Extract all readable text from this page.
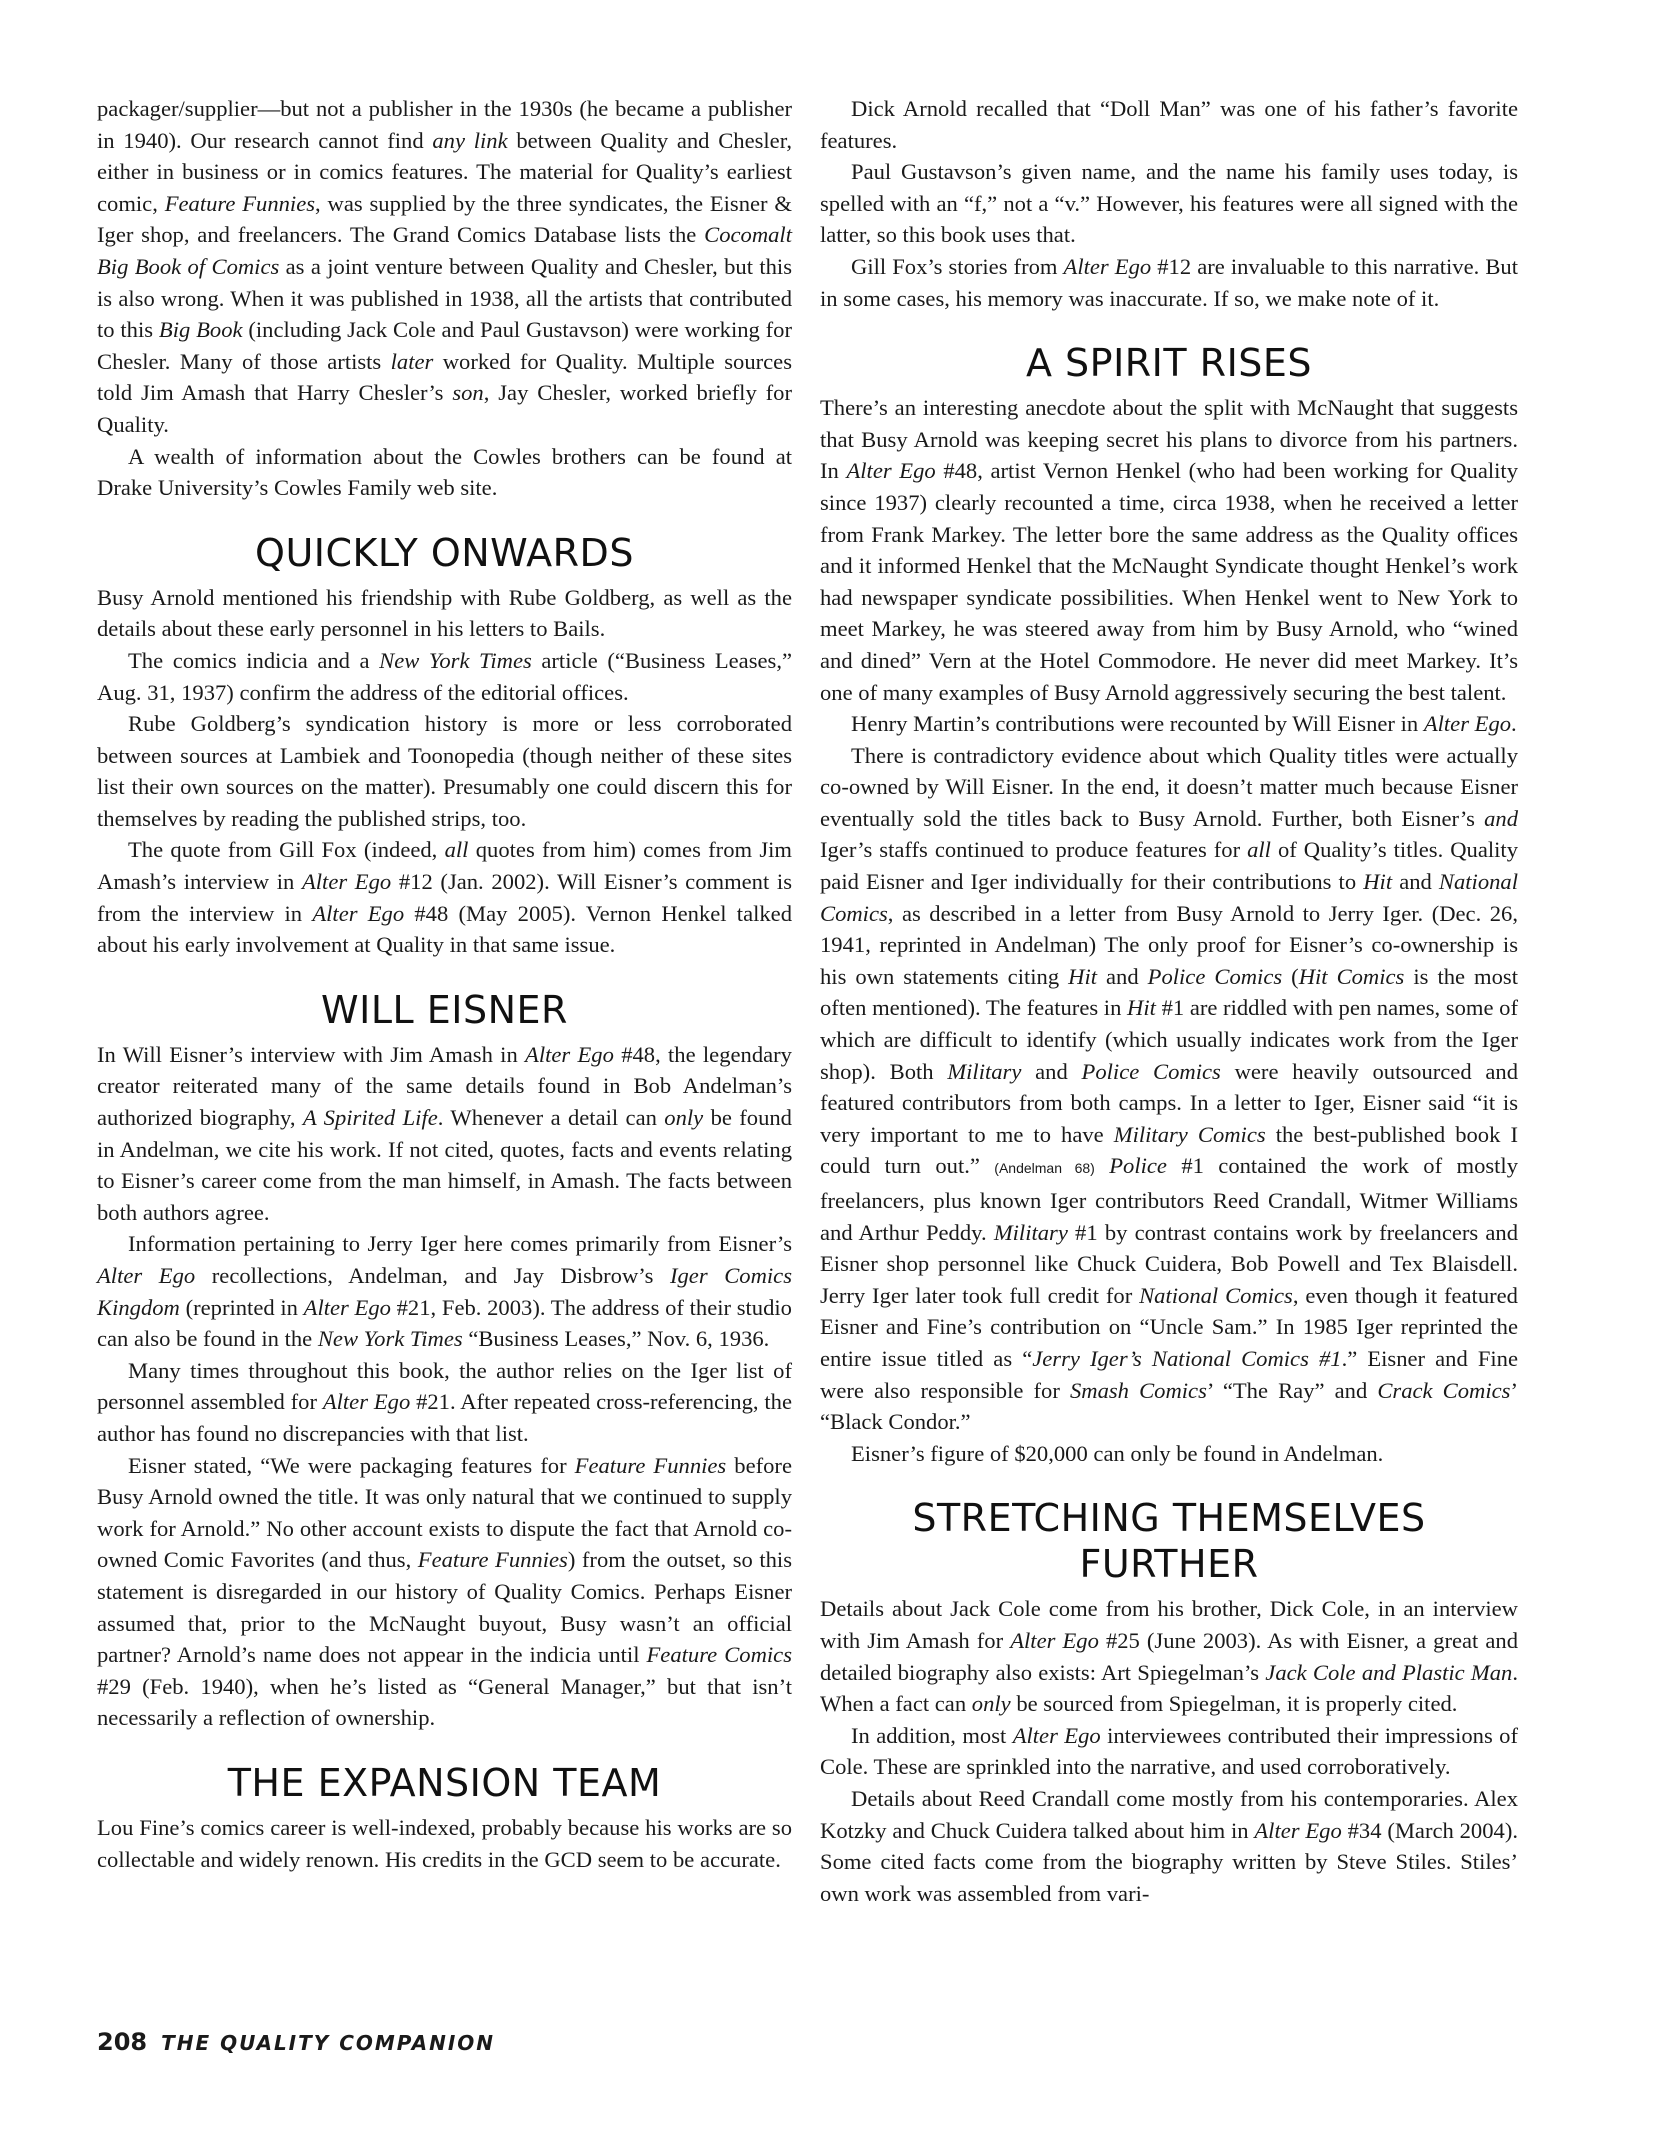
packager/supplier—but not a publisher in the 1930s (he became a publisher in 1940). Our research cannot find any link between Quality and Chesler, either in business or in comics features. The material for Quality’s earliest comic, Feature Funnies, was supplied by the three syndicates, the Eisner & Iger shop, and freelancers. The Grand Comics Database lists the Cocomalt Big Book of Comics as a joint venture between Quality and Chesler, but this is also wrong. When it was published in 1938, all the artists that contributed to this Big Book (including Jack Cole and Paul Gustavson) were working for Chesler. Many of those artists later worked for Quality. Multiple sources told Jim Amash that Harry Chesler’s son, Jay Chesler, worked briefly for Quality.

A wealth of information about the Cowles brothers can be found at Drake University’s Cowles Family web site.

QUICKLY ONWARDS

Busy Arnold mentioned his friendship with Rube Goldberg, as well as the details about these early personnel in his letters to Bails.

The comics indicia and a New York Times article (“Business Leases,” Aug. 31, 1937) confirm the address of the editorial offices.

Rube Goldberg’s syndication history is more or less corroborated between sources at Lambiek and Toonopedia (though neither of these sites list their own sources on the matter). Presumably one could discern this for themselves by reading the published strips, too.

The quote from Gill Fox (indeed, all quotes from him) comes from Jim Amash’s interview in Alter Ego #12 (Jan. 2002). Will Eisner’s comment is from the interview in Alter Ego #48 (May 2005). Vernon Henkel talked about his early involvement at Quality in that same issue.

WILL EISNER

In Will Eisner’s interview with Jim Amash in Alter Ego #48, the legendary creator reiterated many of the same details found in Bob Andelman’s authorized biography, A Spirited Life. Whenever a detail can only be found in Andelman, we cite his work. If not cited, quotes, facts and events relating to Eisner’s career come from the man himself, in Amash. The facts between both authors agree.

Information pertaining to Jerry Iger here comes primarily from Eisner’s Alter Ego recollections, Andelman, and Jay Disbrow’s Iger Comics Kingdom (reprinted in Alter Ego #21, Feb. 2003). The address of their studio can also be found in the New York Times “Business Leases,” Nov. 6, 1936.

Many times throughout this book, the author relies on the Iger list of personnel assembled for Alter Ego #21. After repeated cross-referencing, the author has found no discrepancies with that list.

Eisner stated, “We were packaging features for Feature Funnies before Busy Arnold owned the title. It was only natural that we continued to supply work for Arnold.” No other account exists to dispute the fact that Arnold co-owned Comic Favorites (and thus, Feature Funnies) from the outset, so this statement is disregarded in our history of Quality Comics. Perhaps Eisner assumed that, prior to the McNaught buyout, Busy wasn’t an official partner? Arnold’s name does not appear in the indicia until Feature Comics #29 (Feb. 1940), when he’s listed as “General Manager,” but that isn’t necessarily a reflection of ownership.

THE EXPANSION TEAM

Lou Fine’s comics career is well-indexed, probably because his works are so collectable and widely renown. His credits in the GCD seem to be accurate.

Dick Arnold recalled that “Doll Man” was one of his father’s favorite features.

Paul Gustavson’s given name, and the name his family uses today, is spelled with an “f,” not a “v.” However, his features were all signed with the latter, so this book uses that.

Gill Fox’s stories from Alter Ego #12 are invaluable to this narrative. But in some cases, his memory was inaccurate. If so, we make note of it.

A SPIRIT RISES

There’s an interesting anecdote about the split with McNaught that suggests that Busy Arnold was keeping secret his plans to divorce from his partners. In Alter Ego #48, artist Vernon Henkel (who had been working for Quality since 1937) clearly recounted a time, circa 1938, when he received a letter from Frank Markey. The letter bore the same address as the Quality offices and it informed Henkel that the McNaught Syndicate thought Henkel’s work had newspaper syndicate possibilities. When Henkel went to New York to meet Markey, he was steered away from him by Busy Arnold, who “wined and dined” Vern at the Hotel Commodore. He never did meet Markey. It’s one of many examples of Busy Arnold aggressively securing the best talent.

Henry Martin’s contributions were recounted by Will Eisner in Alter Ego.

There is contradictory evidence about which Quality titles were actually co-owned by Will Eisner. In the end, it doesn’t matter much because Eisner eventually sold the titles back to Busy Arnold. Further, both Eisner’s and Iger’s staffs continued to produce features for all of Quality’s titles. Quality paid Eisner and Iger individually for their contributions to Hit and National Comics, as described in a letter from Busy Arnold to Jerry Iger. (Dec. 26, 1941, reprinted in Andelman) The only proof for Eisner’s co-ownership is his own statements citing Hit and Police Comics (Hit Comics is the most often mentioned). The features in Hit #1 are riddled with pen names, some of which are difficult to identify (which usually indicates work from the Iger shop). Both Military and Police Comics were heavily outsourced and featured contributors from both camps. In a letter to Iger, Eisner said “it is very important to me to have Military Comics the best-published book I could turn out.” (Andelman 68) Police #1 contained the work of mostly freelancers, plus known Iger contributors Reed Crandall, Witmer Williams and Arthur Peddy. Military #1 by contrast contains work by freelancers and Eisner shop personnel like Chuck Cuidera, Bob Powell and Tex Blaisdell. Jerry Iger later took full credit for National Comics, even though it featured Eisner and Fine’s contribution on “Uncle Sam.” In 1985 Iger reprinted the entire issue titled as “Jerry Iger’s National Comics #1.” Eisner and Fine were also responsible for Smash Comics’ “The Ray” and Crack Comics’ “Black Condor.”

Eisner’s figure of $20,000 can only be found in Andelman.

STRETCHING THEMSELVES FURTHER

Details about Jack Cole come from his brother, Dick Cole, in an interview with Jim Amash for Alter Ego #25 (June 2003). As with Eisner, a great and detailed biography also exists: Art Spiegelman’s Jack Cole and Plastic Man. When a fact can only be sourced from Spiegelman, it is properly cited.

In addition, most Alter Ego interviewees contributed their impressions of Cole. These are sprinkled into the narrative, and used corroboratively.

Details about Reed Crandall come mostly from his contemporaries. Alex Kotzky and Chuck Cuidera talked about him in Alter Ego #34 (March 2004). Some cited facts come from the biography written by Steve Stiles. Stiles’ own work was assembled from vari-

208 THE QUALITY COMPANION
